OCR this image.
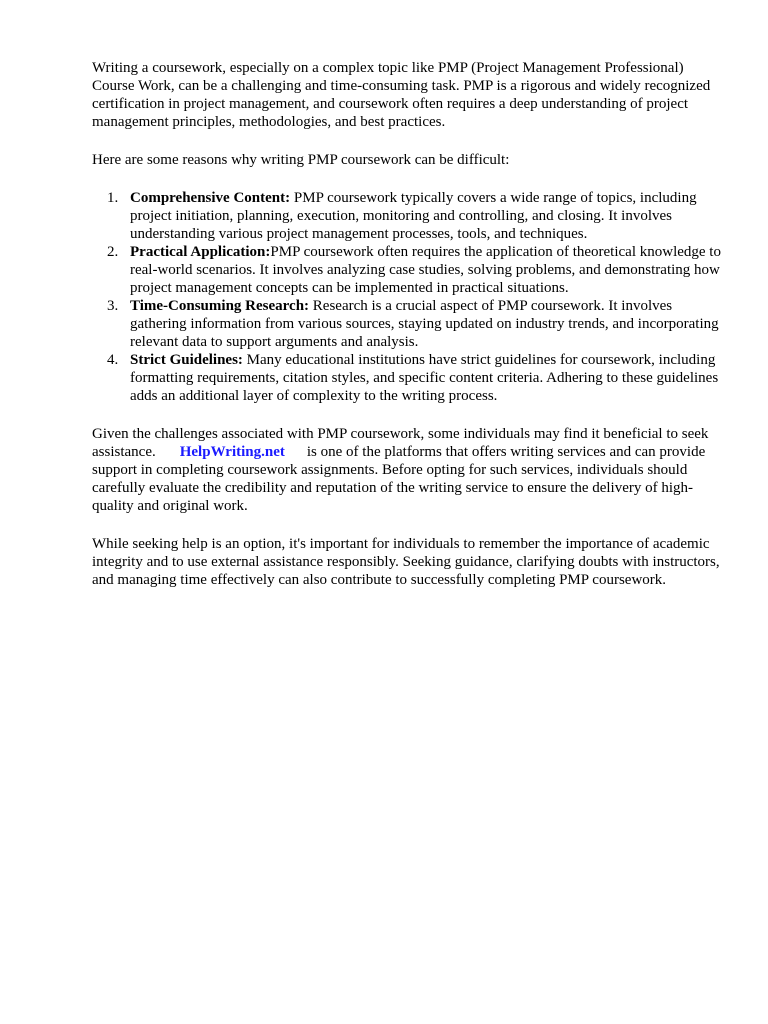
Writing a coursework, especially on a complex topic like PMP (Project Management Professional) Course Work, can be a challenging and time-consuming task. PMP is a rigorous and widely recognized certification in project management, and coursework often requires a deep understanding of project management principles, methodologies, and best practices.

Here are some reasons why writing PMP coursework can be difficult:

1. Comprehensive Content: PMP coursework typically covers a wide range of topics, including project initiation, planning, execution, monitoring and controlling, and closing. It involves understanding various project management processes, tools, and techniques.
2. Practical Application:PMP coursework often requires the application of theoretical knowledge to real-world scenarios. It involves analyzing case studies, solving problems, and demonstrating how project management concepts can be implemented in practical situations.
3. Time-Consuming Research: Research is a crucial aspect of PMP coursework. It involves gathering information from various sources, staying updated on industry trends, and incorporating relevant data to support arguments and analysis.
4. Strict Guidelines: Many educational institutions have strict guidelines for coursework, including formatting requirements, citation styles, and specific content criteria. Adhering to these guidelines adds an additional layer of complexity to the writing process.

Given the challenges associated with PMP coursework, some individuals may find it beneficial to seek assistance. HelpWriting.net is one of the platforms that offers writing services and can provide support in completing coursework assignments. Before opting for such services, individuals should carefully evaluate the credibility and reputation of the writing service to ensure the delivery of high-quality and original work.

While seeking help is an option, it's important for individuals to remember the importance of academic integrity and to use external assistance responsibly. Seeking guidance, clarifying doubts with instructors, and managing time effectively can also contribute to successfully completing PMP coursework.
